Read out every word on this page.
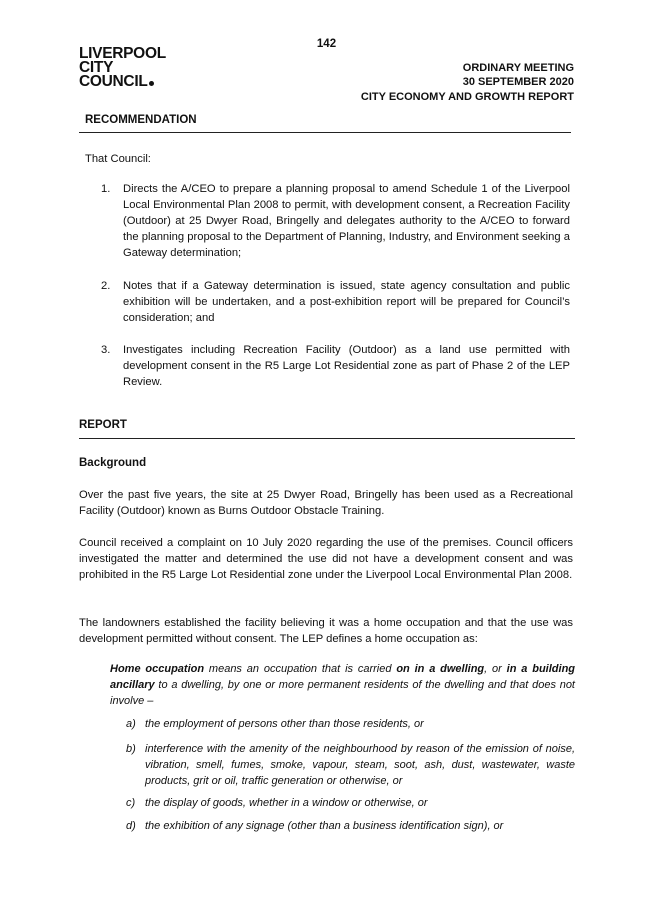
142
LIVERPOOL
CITY
COUNCIL
ORDINARY MEETING
30 SEPTEMBER 2020
CITY ECONOMY AND GROWTH REPORT
RECOMMENDATION
That Council:
1. Directs the A/CEO to prepare a planning proposal to amend Schedule 1 of the Liverpool Local Environmental Plan 2008 to permit, with development consent, a Recreation Facility (Outdoor) at 25 Dwyer Road, Bringelly and delegates authority to the A/CEO to forward the planning proposal to the Department of Planning, Industry, and Environment seeking a Gateway determination;
2. Notes that if a Gateway determination is issued, state agency consultation and public exhibition will be undertaken, and a post-exhibition report will be prepared for Council’s consideration; and
3. Investigates including Recreation Facility (Outdoor) as a land use permitted with development consent in the R5 Large Lot Residential zone as part of Phase 2 of the LEP Review.
REPORT
Background
Over the past five years, the site at 25 Dwyer Road, Bringelly has been used as a Recreational Facility (Outdoor) known as Burns Outdoor Obstacle Training.
Council received a complaint on 10 July 2020 regarding the use of the premises. Council officers investigated the matter and determined the use did not have a development consent and was prohibited in the R5 Large Lot Residential zone under the Liverpool Local Environmental Plan 2008.
The landowners established the facility believing it was a home occupation and that the use was development permitted without consent. The LEP defines a home occupation as:
Home occupation means an occupation that is carried on in a dwelling, or in a building ancillary to a dwelling, by one or more permanent residents of the dwelling and that does not involve –
a) the employment of persons other than those residents, or
b) interference with the amenity of the neighbourhood by reason of the emission of noise, vibration, smell, fumes, smoke, vapour, steam, soot, ash, dust, wastewater, waste products, grit or oil, traffic generation or otherwise, or
c) the display of goods, whether in a window or otherwise, or
d) the exhibition of any signage (other than a business identification sign), or
